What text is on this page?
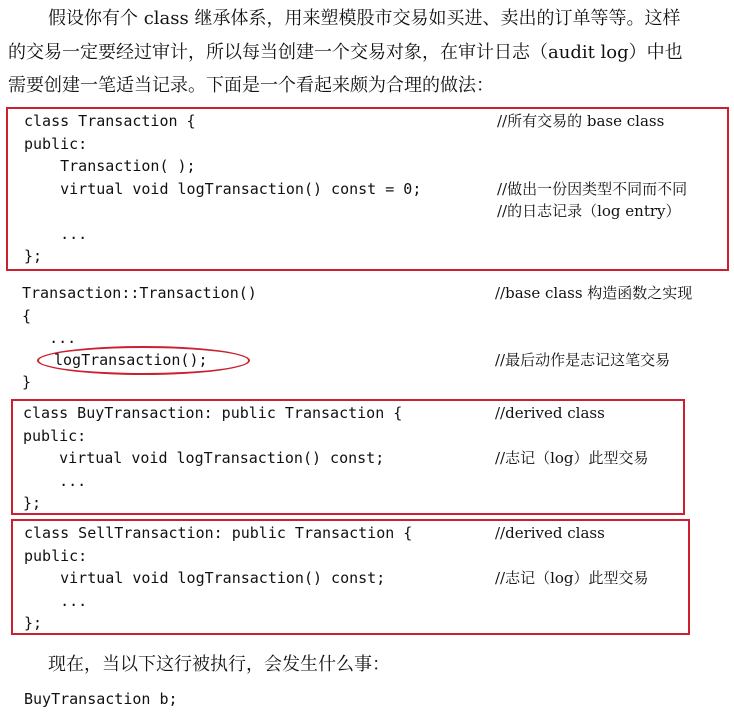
假设你有个 class 继承体系，用来塑模股市交易如买进、卖出的订单等等。这样
的交易一定要经过审计，所以每当创建一个交易对象，在审计日志（audit log）中也
需要创建一笔适当记录。下面是一个看起来颇为合理的做法：
class Transaction {
public:
Transaction( );
virtual void logTransaction() const = 0;

...
};
//所有交易的 base class

//做出一份因类型不同而不同
//的日志记录（log entry）
Transaction::Transaction()
{
...
logTransaction();
}
//base class 构造函数之实现
//最后动作是志记这笔交易
class BuyTransaction: public Transaction {
public:
virtual void logTransaction() const;
...
};
//derived class

//志记（log）此型交易
class SellTransaction: public Transaction {
public:
virtual void logTransaction() const;
...
};
//derived class

//志记（log）此型交易
现在，当以下这行被执行，会发生什么事：
BuyTransaction b;
